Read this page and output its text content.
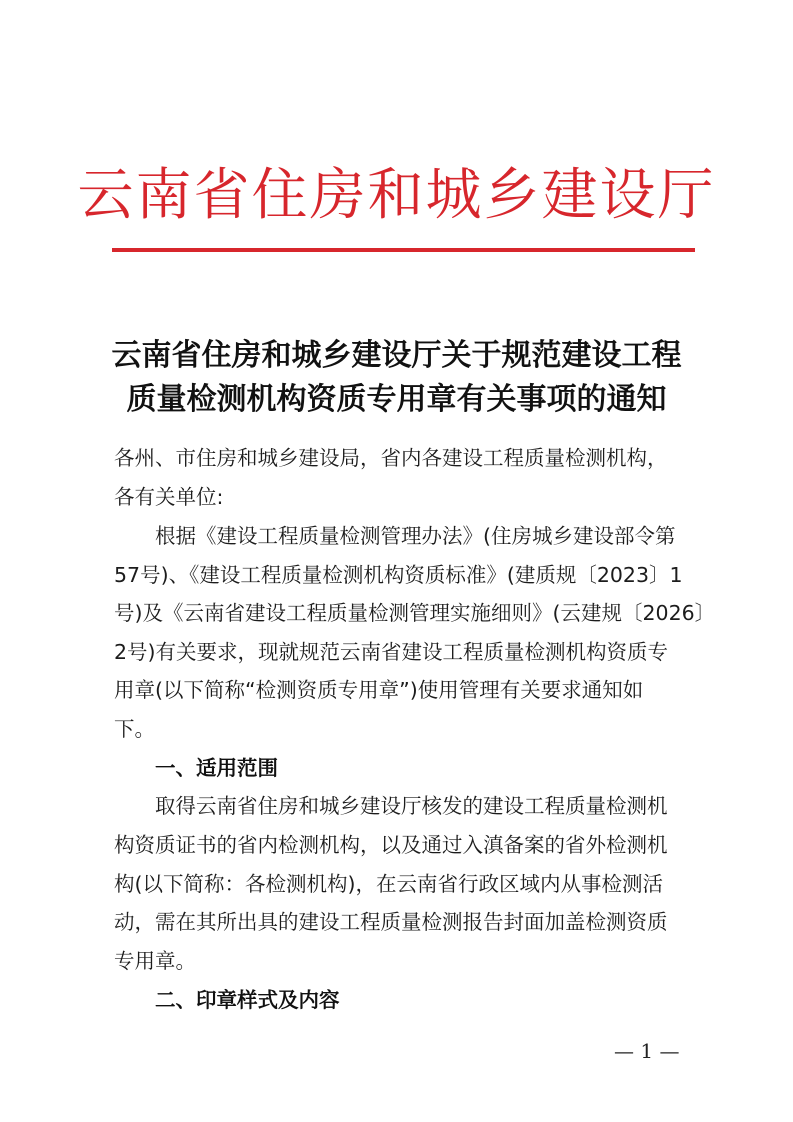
云南省住房和城乡建设厅
云南省住房和城乡建设厅关于规范建设工程
质量检测机构资质专用章有关事项的通知
各州、市住房和城乡建设局，省内各建设工程质量检测机构，
各有关单位:
根据《建设工程质量检测管理办法》(住房城乡建设部令第
57号)、《建设工程质量检测机构资质标准》(建质规〔2023〕1
号)及《云南省建设工程质量检测管理实施细则》(云建规〔2026〕
2号)有关要求，现就规范云南省建设工程质量检测机构资质专
用章(以下简称“检测资质专用章”)使用管理有关要求通知如
下。
一、适用范围
取得云南省住房和城乡建设厅核发的建设工程质量检测机
构资质证书的省内检测机构，以及通过入滇备案的省外检测机
构(以下简称：各检测机构)，在云南省行政区域内从事检测活
动，需在其所出具的建设工程质量检测报告封面加盖检测资质
专用章。
二、印章样式及内容
— 1 —
